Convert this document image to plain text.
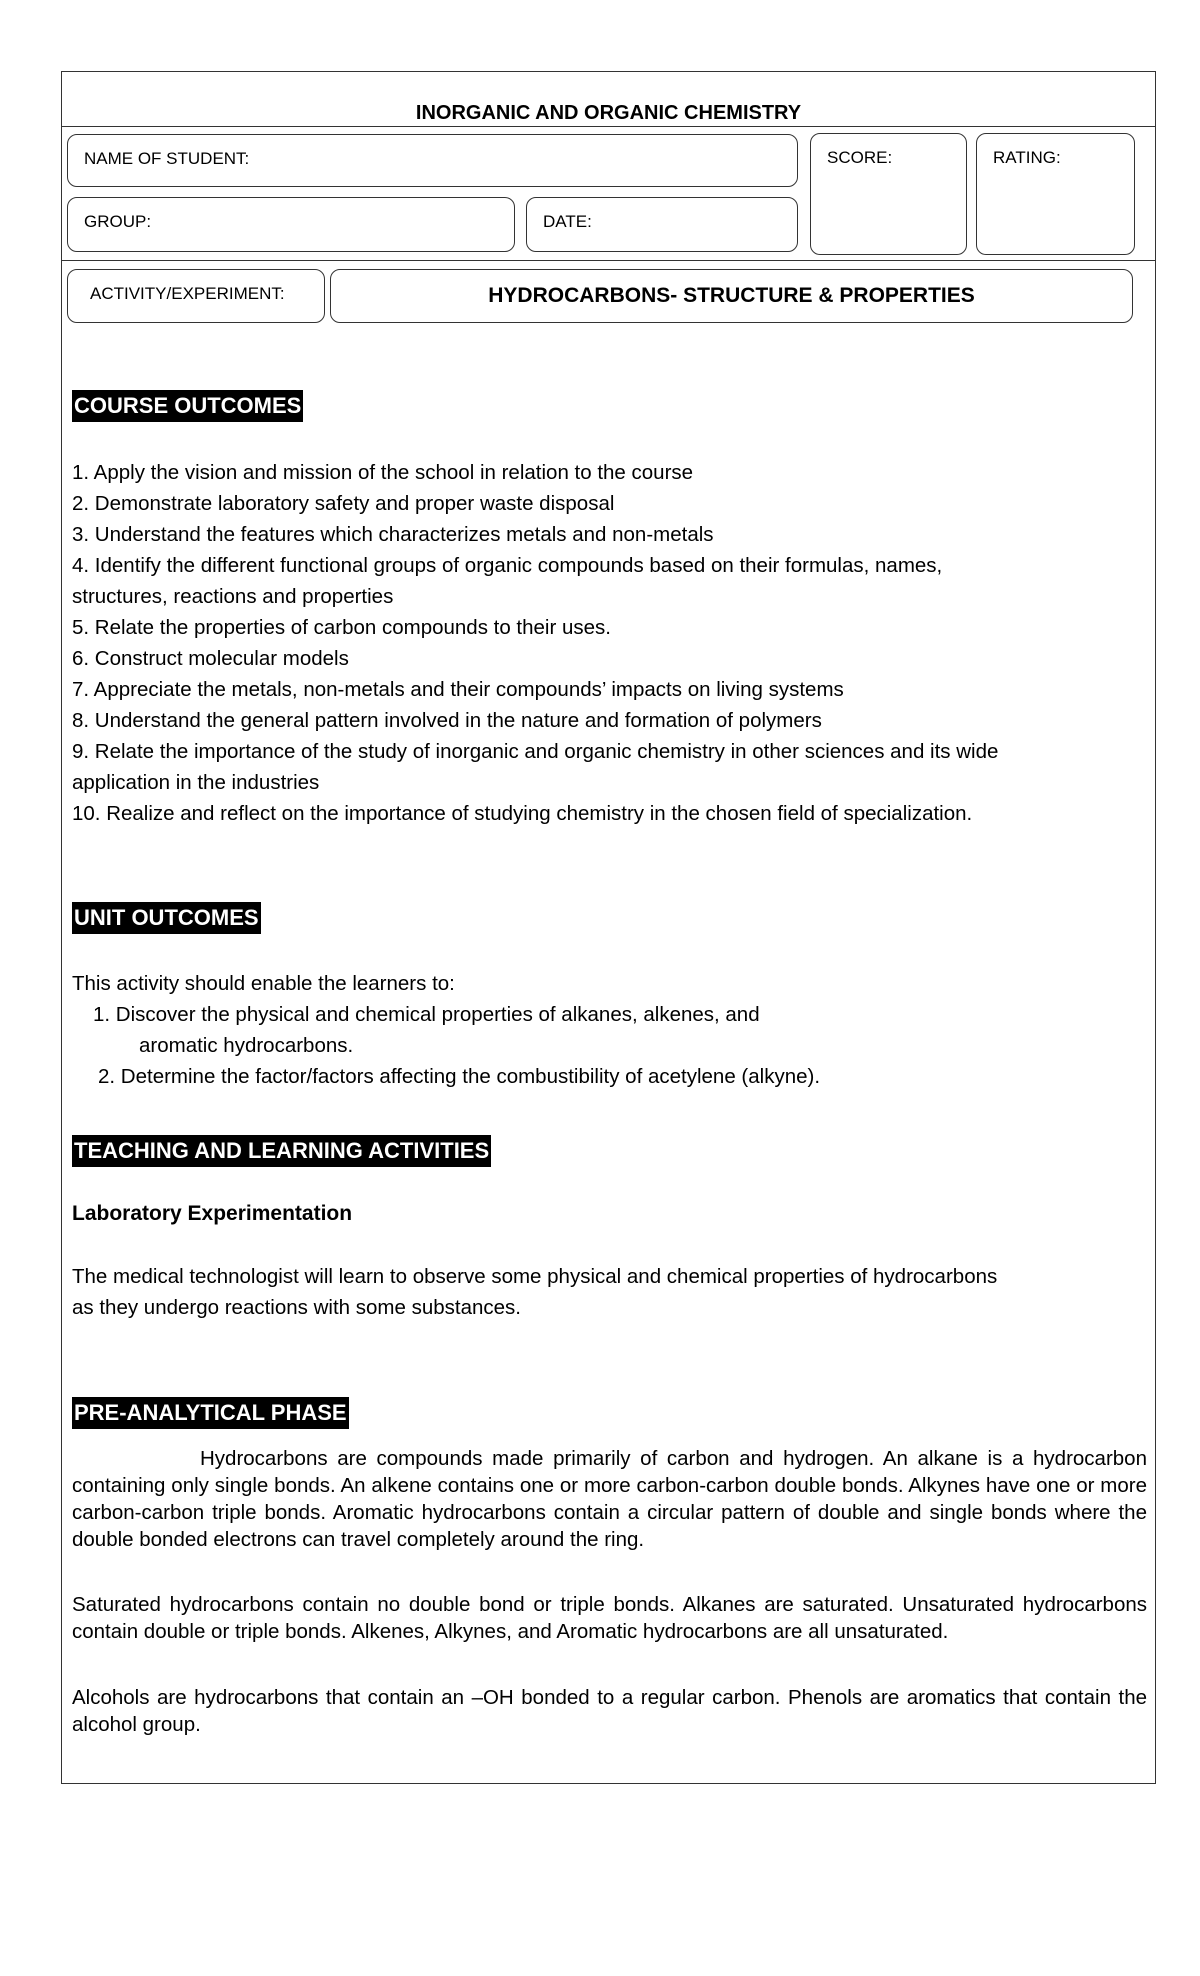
INORGANIC AND ORGANIC CHEMISTRY
NAME OF STUDENT:	SCORE:	RATING:
GROUP:	DATE:
ACTIVITY/EXPERIMENT:	HYDROCARBONS- STRUCTURE & PROPERTIES
COURSE OUTCOMES
1. Apply the vision and mission of the school in relation to the course
2. Demonstrate laboratory safety and proper waste disposal
3. Understand the features which characterizes metals and non-metals
4. Identify the different functional groups of organic compounds based on their formulas, names,
structures, reactions and properties
5. Relate the properties of carbon compounds to their uses.
6. Construct molecular models
7. Appreciate the metals, non-metals and their compounds’ impacts on living systems
8. Understand the general pattern involved in the nature and formation of polymers
9. Relate the importance of the study of inorganic and organic chemistry in other sciences and its wide
application in the industries
10. Realize and reflect on the importance of studying chemistry in the chosen field of specialization.
UNIT OUTCOMES
This activity should enable the learners to:
1. Discover the physical and chemical properties of alkanes, alkenes, and
aromatic hydrocarbons.
2. Determine the factor/factors affecting the combustibility of acetylene (alkyne).
TEACHING AND LEARNING ACTIVITIES
Laboratory Experimentation
The medical technologist will learn to observe some physical and chemical properties of hydrocarbons
as they undergo reactions with some substances.
PRE-ANALYTICAL PHASE

Hydrocarbons are compounds made primarily of carbon and hydrogen. An alkane is a hydrocarbon containing only single bonds. An alkene contains one or more carbon-carbon double bonds. Alkynes have one or more carbon-carbon triple bonds. Aromatic hydrocarbons contain a circular pattern of double and single bonds where the double bonded electrons can travel completely around the ring.

Saturated hydrocarbons contain no double bond or triple bonds. Alkanes are saturated. Unsaturated hydrocarbons contain double or triple bonds. Alkenes, Alkynes, and Aromatic hydrocarbons are all unsaturated.

Alcohols are hydrocarbons that contain an –OH bonded to a regular carbon. Phenols are aromatics that contain the alcohol group.
